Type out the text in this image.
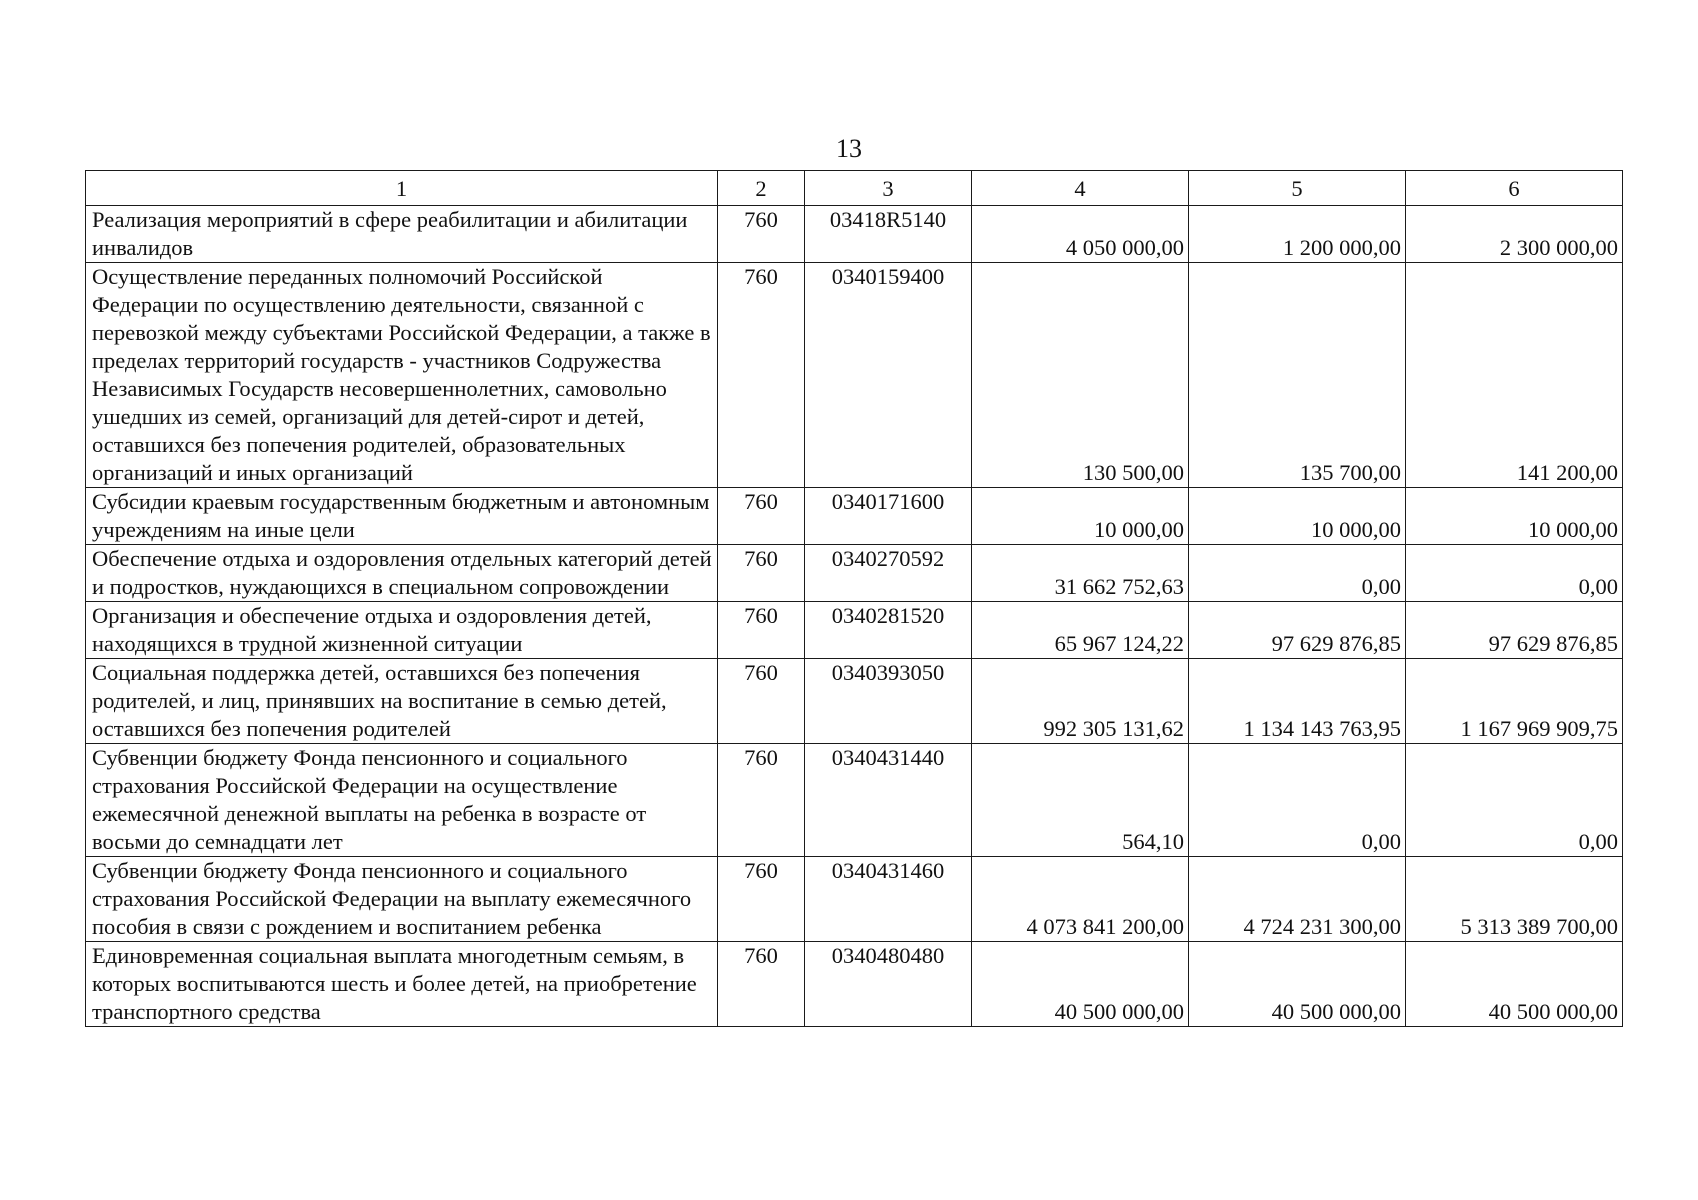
13
1	2	3	4	5	6
Реализация мероприятий в сфере реабилитации и абилитации инвалидов	760	03418R5140	4 050 000,00	1 200 000,00	2 300 000,00
Осуществление переданных полномочий Российской Федерации по осуществлению деятельности, связанной с перевозкой между субъектами Российской Федерации, а также в пределах территорий государств - участников Содружества Независимых Государств несовершеннолетних, самовольно ушедших из семей, организаций для детей-сирот и детей, оставшихся без попечения родителей, образовательных организаций и иных организаций	760	0340159400	130 500,00	135 700,00	141 200,00
Субсидии краевым государственным бюджетным и автономным учреждениям на иные цели	760	0340171600	10 000,00	10 000,00	10 000,00
Обеспечение отдыха и оздоровления отдельных категорий детей и подростков, нуждающихся в специальном сопровождении	760	0340270592	31 662 752,63	0,00	0,00
Организация и обеспечение отдыха и оздоровления детей, находящихся в трудной жизненной ситуации	760	0340281520	65 967 124,22	97 629 876,85	97 629 876,85
Социальная поддержка детей, оставшихся без попечения родителей, и лиц, принявших на воспитание в семью детей, оставшихся без попечения родителей	760	0340393050	992 305 131,62	1 134 143 763,95	1 167 969 909,75
Субвенции бюджету Фонда пенсионного и социального страхования Российской Федерации на осуществление ежемесячной денежной выплаты на ребенка в возрасте от восьми до семнадцати лет	760	0340431440	564,10	0,00	0,00
Субвенции бюджету Фонда пенсионного и социального страхования Российской Федерации на выплату ежемесячного пособия в связи с рождением и воспитанием ребенка	760	0340431460	4 073 841 200,00	4 724 231 300,00	5 313 389 700,00
Единовременная социальная выплата многодетным семьям, в которых воспитываются шесть и более детей, на приобретение транспортного средства	760	0340480480	40 500 000,00	40 500 000,00	40 500 000,00
